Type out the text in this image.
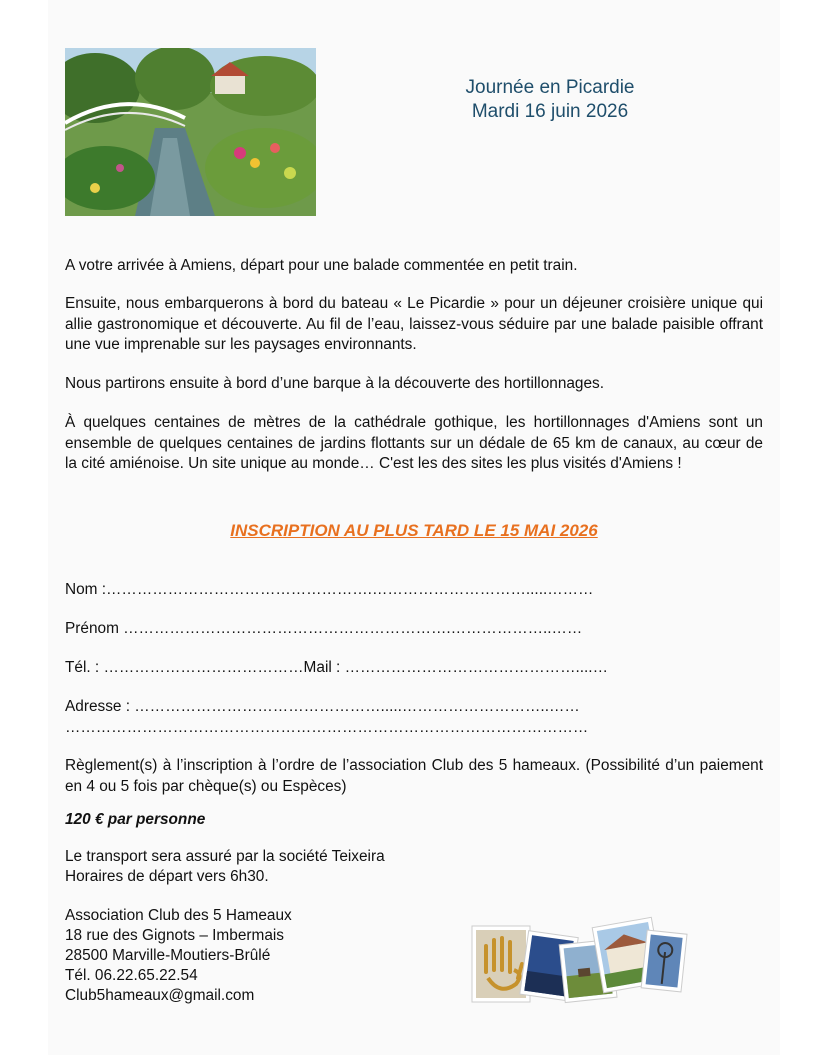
Journée en Picardie
Mardi 16 juin 2026
A votre arrivée à Amiens, départ pour une balade commentée en petit train.
Ensuite, nous embarquerons à bord du bateau « Le Picardie » pour un déjeuner croisière unique qui allie gastronomique et découverte. Au fil de l’eau, laissez-vous séduire par une balade paisible offrant une vue imprenable sur les paysages environnants.
Nous partirons ensuite à bord d’une barque à la découverte des hortillonnages.
À quelques centaines de mètres de la cathédrale gothique, les hortillonnages d'Amiens sont un ensemble de quelques centaines de jardins flottants sur un dédale de 65 km de canaux, au cœur de la cité amiénoise. Un site unique au monde… C'est les des sites les plus visités d'Amiens !
INSCRIPTION AU PLUS TARD LE 15 MAI 2026
Nom :…………………………………………….………………………….....………
Prénom ……………………………………………………….………………..……
Tél. : …………………………………Mail : ………………………………………....…
Adresse : ………………………………………….....………………………..……
…………………………………………………………………………………………
Règlement(s) à l’inscription à l’ordre de l’association Club des 5 hameaux. (Possibilité d’un paiement en 4 ou 5 fois par chèque(s) ou Espèces)
120 € par personne
Le transport sera assuré par la société Teixeira
Horaires de départ vers 6h30.
Association Club des 5 Hameaux
18 rue des Gignots – Imbermais
28500 Marville-Moutiers-Brûlé
Tél. 06.22.65.22.54
Club5hameaux@gmail.com
